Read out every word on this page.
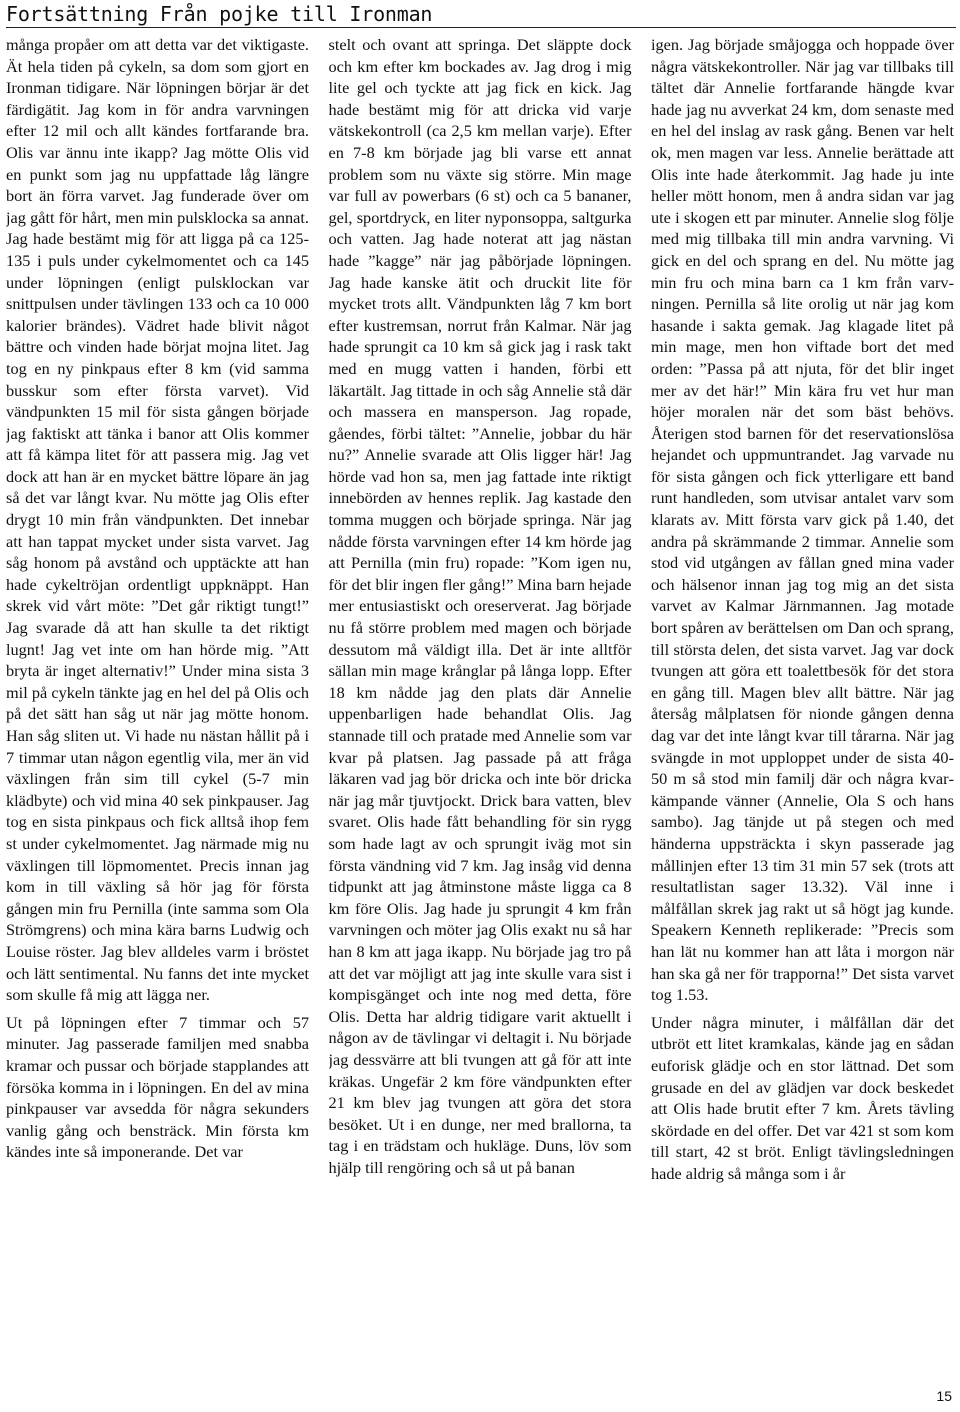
Fortsättning Från pojke till Ironman

många propåer om att detta var det viktigaste. Ät hela tiden på cykeln, sa dom som gjort en Ironman tidigare. När löpningen börjar är det färdigätit. Jag kom in för andra varvningen efter 12 mil och allt kändes fortfarande bra. Olis var ännu inte ikapp? Jag mötte Olis vid en punkt som jag nu uppfattade låg längre bort än förra varvet. Jag funderade över om jag gått för hårt, men min pulsklocka sa annat. Jag hade bestämt mig för att ligga på ca 125-135 i puls under cykelmomentet och ca 145 under löpningen (enligt pulsklockan var snittpulsen under tävlingen 133 och ca 10 000 kalorier brändes). Vädret hade blivit något bättre och vinden hade börjat mojna litet. Jag tog en ny pinkpaus efter 8 km (vid samma busskur som efter första varvet). Vid vändpunkten 15 mil för sista gången började jag faktiskt att tänka i banor att Olis kommer att få kämpa litet för att passera mig. Jag vet dock att han är en mycket bättre löpare än jag så det var långt kvar. Nu mötte jag Olis efter drygt 10 min från vändpunkten. Det innebar att han tappat mycket under sista varvet. Jag såg honom på avstånd och upptäckte att han hade cykeltröjan ordentligt uppknäppt. Han skrek vid vårt möte: ”Det går riktigt tungt!” Jag svarade då att han skulle ta det riktigt lugnt! Jag vet inte om han hörde mig. ”Att bryta är inget alternativ!” Under mina sista 3 mil på cykeln tänkte jag en hel del på Olis och på det sätt han såg ut när jag mötte honom. Han såg sliten ut. Vi hade nu nästan hållit på i 7 timmar utan någon egentlig vila, mer än vid växlingen från sim till cykel (5-7 min klädbyte) och vid mina 40 sek pinkpauser. Jag tog en sista pinkpaus och fick alltså ihop fem st under cykelmomentet. Jag närmade mig nu växlingen till löpmomentet. Precis innan jag kom in till växling så hör jag för första gången min fru Pernilla (inte samma som Ola Strömgrens) och mina kära barns Ludwig och Louise röster. Jag blev alldeles varm i bröstet och lätt sentimental. Nu fanns det inte mycket som skulle få mig att lägga ner.

Ut på löpningen efter 7 timmar och 57 minuter. Jag passerade familjen med snabba kramar och pussar och började stapplandes att försöka komma in i löpningen. En del av mina pinkpauser var avsedda för några sekunders vanlig gång och bensträck. Min första km kändes inte så imponerande. Det var

stelt och ovant att springa. Det släppte dock och km efter km bockades av. Jag drog i mig lite gel och tyckte att jag fick en kick. Jag hade bestämt mig för att dricka vid varje vätskekontroll (ca 2,5 km mellan varje). Efter en 7-8 km började jag bli varse ett annat problem som nu växte sig större. Min mage var full av powerbars (6 st) och ca 5 bananer, gel, sportdryck, en liter nyponsoppa, saltgurka och vatten. Jag hade noterat att jag nästan hade ”kagge” när jag påbörjade löpningen. Jag hade kanske ätit och druckit lite för mycket trots allt. Vändpunkten låg 7 km bort efter kustremsan, norrut från Kalmar. När jag hade sprungit ca 10 km så gick jag i rask takt med en mugg vatten i handen, förbi ett läkartält. Jag tittade in och såg Annelie stå där och massera en mansperson. Jag ropade, gåendes, förbi tältet: ”Annelie, jobbar du här nu?” Annelie svarade att Olis ligger här! Jag hörde vad hon sa, men jag fattade inte riktigt innebörden av hennes replik. Jag kastade den tomma muggen och började springa. När jag nådde första varvningen efter 14 km hörde jag att Pernilla (min fru) ropade: ”Kom igen nu, för det blir ingen fler gång!” Mina barn hejade mer entusiastiskt och oreserverat. Jag började nu få större problem med magen och började dessutom må väldigt illa. Det är inte alltför sällan min mage krånglar på långa lopp. Efter 18 km nådde jag den plats där Annelie uppenbarligen hade behandlat Olis. Jag stannade till och pratade med Annelie som var kvar på platsen. Jag passade på att fråga läkaren vad jag bör dricka och inte bör dricka när jag mår tjuvtjockt. Drick bara vatten, blev svaret. Olis hade fått behandling för sin rygg som hade lagt av och sprungit iväg mot sin första vändning vid 7 km. Jag insåg vid denna tidpunkt att jag åtminstone måste ligga ca 8 km före Olis. Jag hade ju sprungit 4 km från varvningen och möter jag Olis exakt nu så har han 8 km att jaga ikapp. Nu började jag tro på att det var möjligt att jag inte skulle vara sist i kompisgänget och inte nog med detta, före Olis. Detta har aldrig tidigare varit aktuellt i någon av de tävlingar vi deltagit i. Nu började jag dessvärre att bli tvungen att gå för att inte kräkas. Ungefär 2 km före vändpunkten efter 21 km blev jag tvungen att göra det stora besöket. Ut i en dunge, ner med brallorna, ta tag i en trädstam och hukläge. Duns, löv som hjälp till rengöring och så ut på banan

igen. Jag började småjogga och hoppade över några vätskekontroller. När jag var tillbaks till tältet där Annelie fortfarande hängde kvar hade jag nu avverkat 24 km, dom senaste med en hel del inslag av rask gång. Benen var helt ok, men magen var less. Annelie berättade att Olis inte hade återkommit. Jag hade ju inte heller mött honom, men å andra sidan var jag ute i skogen ett par minuter. Annelie slog följe med mig tillbaka till min andra varvning. Vi gick en del och sprang en del. Nu mötte jag min fru och mina barn ca 1 km från varvningen. Pernilla så lite orolig ut när jag kom hasande i sakta gemak. Jag klagade litet på min mage, men hon viftade bort det med orden: ”Passa på att njuta, för det blir inget mer av det här!” Min kära fru vet hur man höjer moralen när det som bäst behövs. Återigen stod barnen för det reservationslösa hejandet och uppmuntrandet. Jag varvade nu för sista gången och fick ytterligare ett band runt handleden, som utvisar antalet varv som klarats av. Mitt första varv gick på 1.40, det andra på skrämmande 2 timmar. Annelie som stod vid utgången av fållan gned mina vader och hälsenor innan jag tog mig an det sista varvet av Kalmar Järnmannen. Jag motade bort spåren av berättelsen om Dan och sprang, till största delen, det sista varvet. Jag var dock tvungen att göra ett toalettbesök för det stora en gång till. Magen blev allt bättre. När jag återsåg målplatsen för nionde gången denna dag var det inte långt kvar till tårarna. När jag svängde in mot upploppet under de sista 40-50 m så stod min familj där och några kvarkämpande vänner (Annelie, Ola S och hans sambo). Jag tänjde ut på stegen och med händerna uppsträckta i skyn passerade jag mållinjen efter 13 tim 31 min 57 sek (trots att resultatlistan sager 13.32). Väl inne i målfållan skrek jag rakt ut så högt jag kunde. Speakern Kenneth replikerade: ”Precis som han lät nu kommer han att låta i morgon när han ska gå ner för trapporna!” Det sista varvet tog 1.53.

Under några minuter, i målfållan där det utbröt ett litet kramkalas, kände jag en sådan euforisk glädje och en stor lättnad. Det som grusade en del av glädjen var dock beskedet att Olis hade brutit efter 7 km. Årets tävling skördade en del offer. Det var 421 st som kom till start, 42 st bröt. Enligt tävlingsledningen hade aldrig så många som i år

15
